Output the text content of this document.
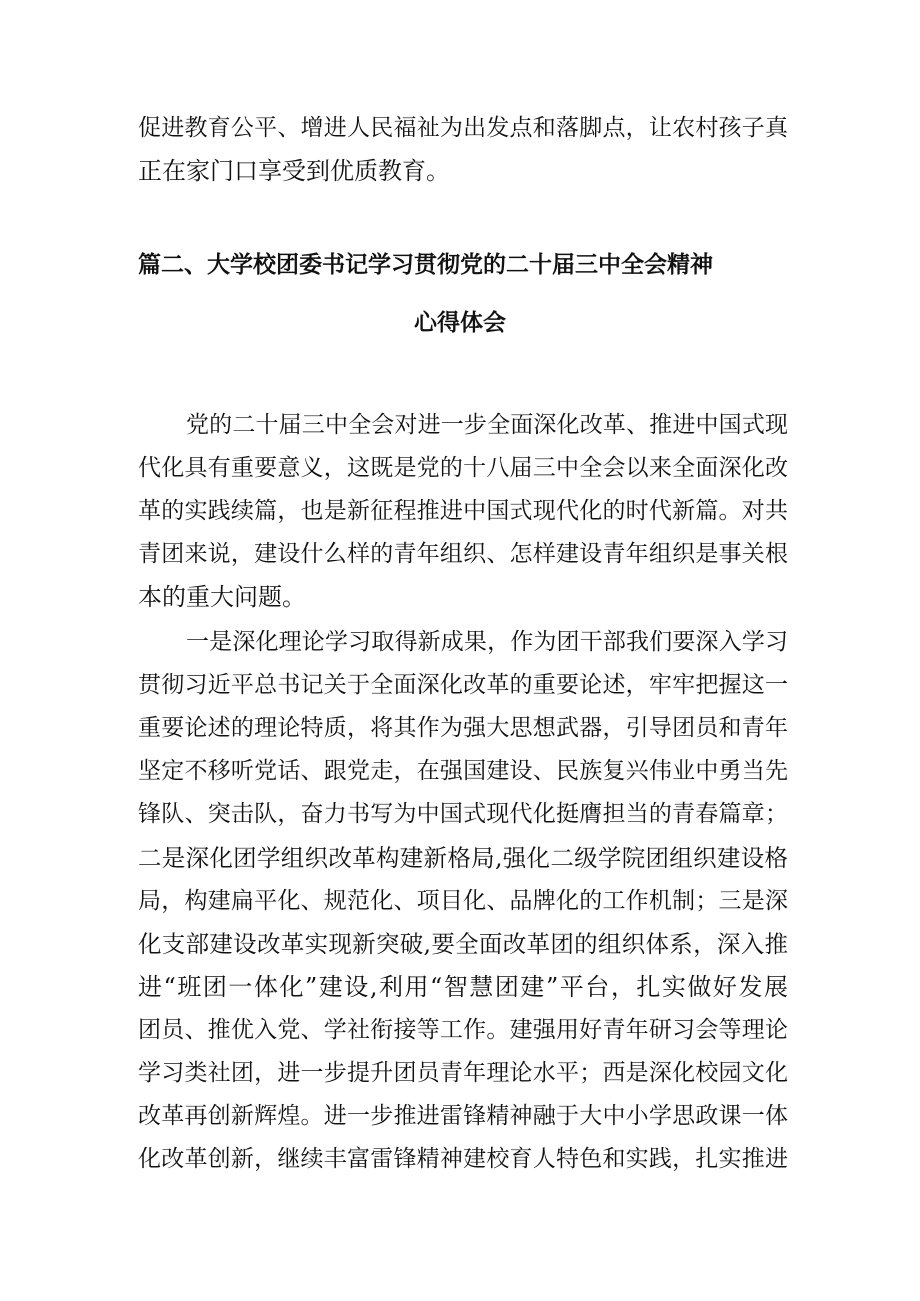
促进教育公平、增进人民福祉为出发点和落脚点，让农村孩子真
正在家门口享受到优质教育。
篇二、大学校团委书记学习贯彻党的二十届三中全会精神
心得体会
党的二十届三中全会对进一步全面深化改革、推进中国式现
代化具有重要意义，这既是党的十八届三中全会以来全面深化改
革的实践续篇，也是新征程推进中国式现代化的时代新篇。对共
青团来说，建设什么样的青年组织、怎样建设青年组织是事关根
本的重大问题。
一是深化理论学习取得新成果，作为团干部我们要深入学习
贯彻习近平总书记关于全面深化改革的重要论述，牢牢把握这一
重要论述的理论特质，将其作为强大思想武器，引导团员和青年
坚定不移听党话、跟党走，在强国建设、民族复兴伟业中勇当先
锋队、突击队，奋力书写为中国式现代化挺膺担当的青春篇章；
二是深化团学组织改革构建新格局,强化二级学院团组织建设格
局，构建扁平化、规范化、项目化、品牌化的工作机制；三是深
化支部建设改革实现新突破,要全面改革团的组织体系，深入推
进“班团一体化”建设,利用“智慧团建”平台，扎实做好发展
团员、推优入党、学社衔接等工作。建强用好青年研习会等理论
学习类社团，进一步提升团员青年理论水平；西是深化校园文化
改革再创新辉煌。进一步推进雷锋精神融于大中小学思政课一体
化改革创新，继续丰富雷锋精神建校育人特色和实践，扎实推进
